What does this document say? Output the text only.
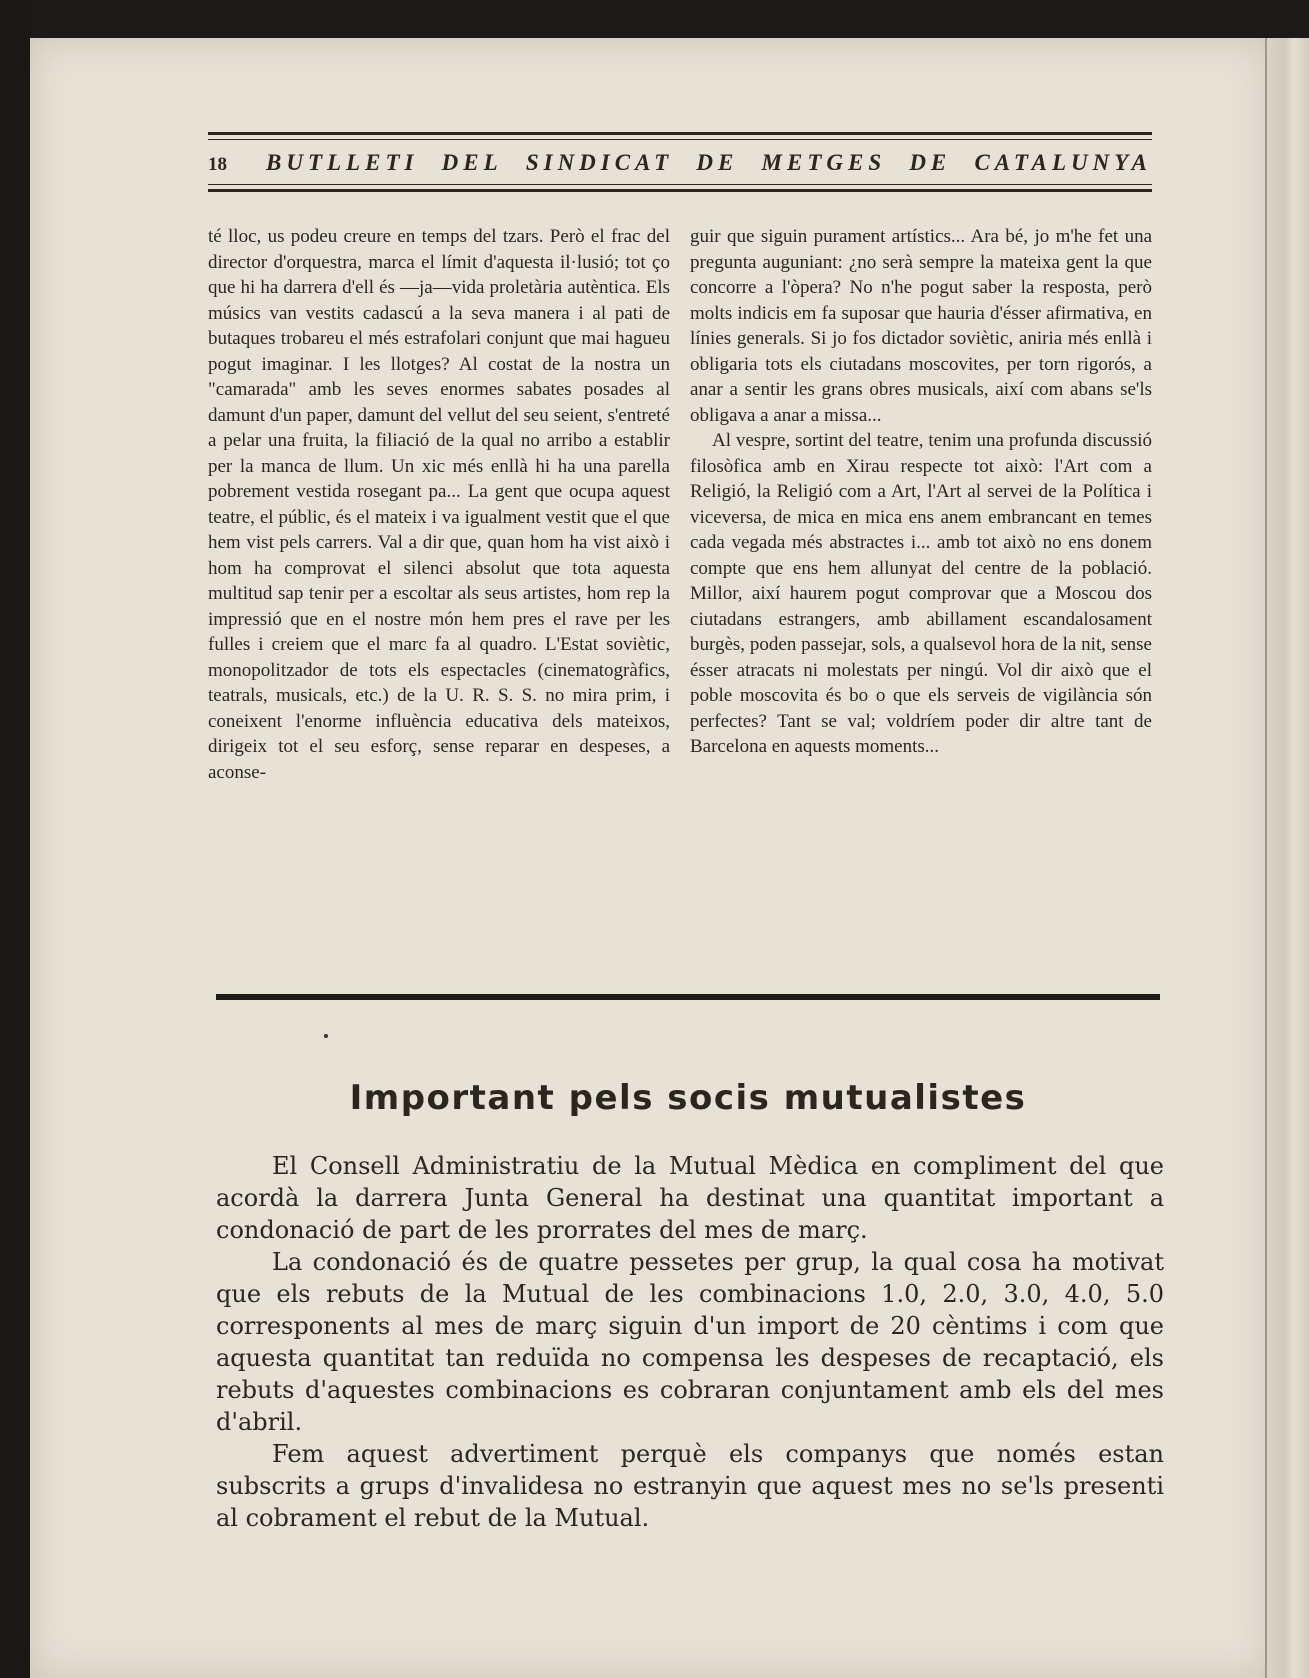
18	BUTLLETI DEL SINDICAT DE METGES DE CATALUNYA

té lloc, us podeu creure en temps del tzars. Però el frac del director d'orquestra, marca el límit d'aquesta il·lusió; tot ço que hi ha darrera d'ell és —ja—vida proletària autèntica. Els músics van vestits cadascú a la seva manera i al pati de butaques trobareu el més estrafolari conjunt que mai hagueu pogut imaginar. I les llotges? Al costat de la nostra un "camarada" amb les seves enormes sabates posades al damunt d'un paper, damunt del vellut del seu seient, s'entreté a pelar una fruita, la filiació de la qual no arribo a establir per la manca de llum. Un xic més enllà hi ha una parella pobrement vestida rosegant pa... La gent que ocupa aquest teatre, el públic, és el mateix i va igualment vestit que el que hem vist pels carrers. Val a dir que, quan hom ha vist això i hom ha comprovat el silenci absolut que tota aquesta multitud sap tenir per a escoltar als seus artistes, hom rep la impressió que en el nostre món hem pres el rave per les fulles i creiem que el marc fa al quadro. L'Estat soviètic, monopolitzador de tots els espectacles (cinematogràfics, teatrals, musicals, etc.) de la U. R. S. S. no mira prim, i coneixent l'enorme influència educativa dels mateixos, dirigeix tot el seu esforç, sense reparar en despeses, a aconse-

guir que siguin purament artístics... Ara bé, jo m'he fet una pregunta auguniant: ¿no serà sempre la mateixa gent la que concorre a l'òpera? No n'he pogut saber la resposta, però molts indicis em fa suposar que hauria d'ésser afirmativa, en línies generals. Si jo fos dictador soviètic, aniria més enllà i obligaria tots els ciutadans moscovites, per torn rigorós, a anar a sentir les grans obres musicals, així com abans se'ls obligava a anar a missa...

Al vespre, sortint del teatre, tenim una profunda discussió filosòfica amb en Xirau respecte tot això: l'Art com a Religió, la Religió com a Art, l'Art al servei de la Política i viceversa, de mica en mica ens anem embrancant en temes cada vegada més abstractes i... amb tot això no ens donem compte que ens hem allunyat del centre de la població. Millor, així haurem pogut comprovar que a Moscou dos ciutadans estrangers, amb abillament escandalosament burgès, poden passejar, sols, a qualsevol hora de la nit, sense ésser atracats ni molestats per ningú. Vol dir això que el poble moscovita és bo o que els serveis de vigilància són perfectes? Tant se val; voldríem poder dir altre tant de Barcelona en aquests moments...

Important pels socis mutualistes

El Consell Administratiu de la Mutual Mèdica en compliment del que acordà la darrera Junta General ha destinat una quantitat important a condonació de part de les prorrates del mes de març.

La condonació és de quatre pessetes per grup, la qual cosa ha motivat que els rebuts de la Mutual de les combinacions 1.0, 2.0, 3.0, 4.0, 5.0 corresponents al mes de març siguin d'un import de 20 cèntims i com que aquesta quantitat tan reduïda no compensa les despeses de recaptació, els rebuts d'aquestes combinacions es cobraran conjuntament amb els del mes d'abril.

Fem aquest advertiment perquè els companys que només estan subscrits a grups d'invalidesa no estranyin que aquest mes no se'ls presenti al cobrament el rebut de la Mutual.
